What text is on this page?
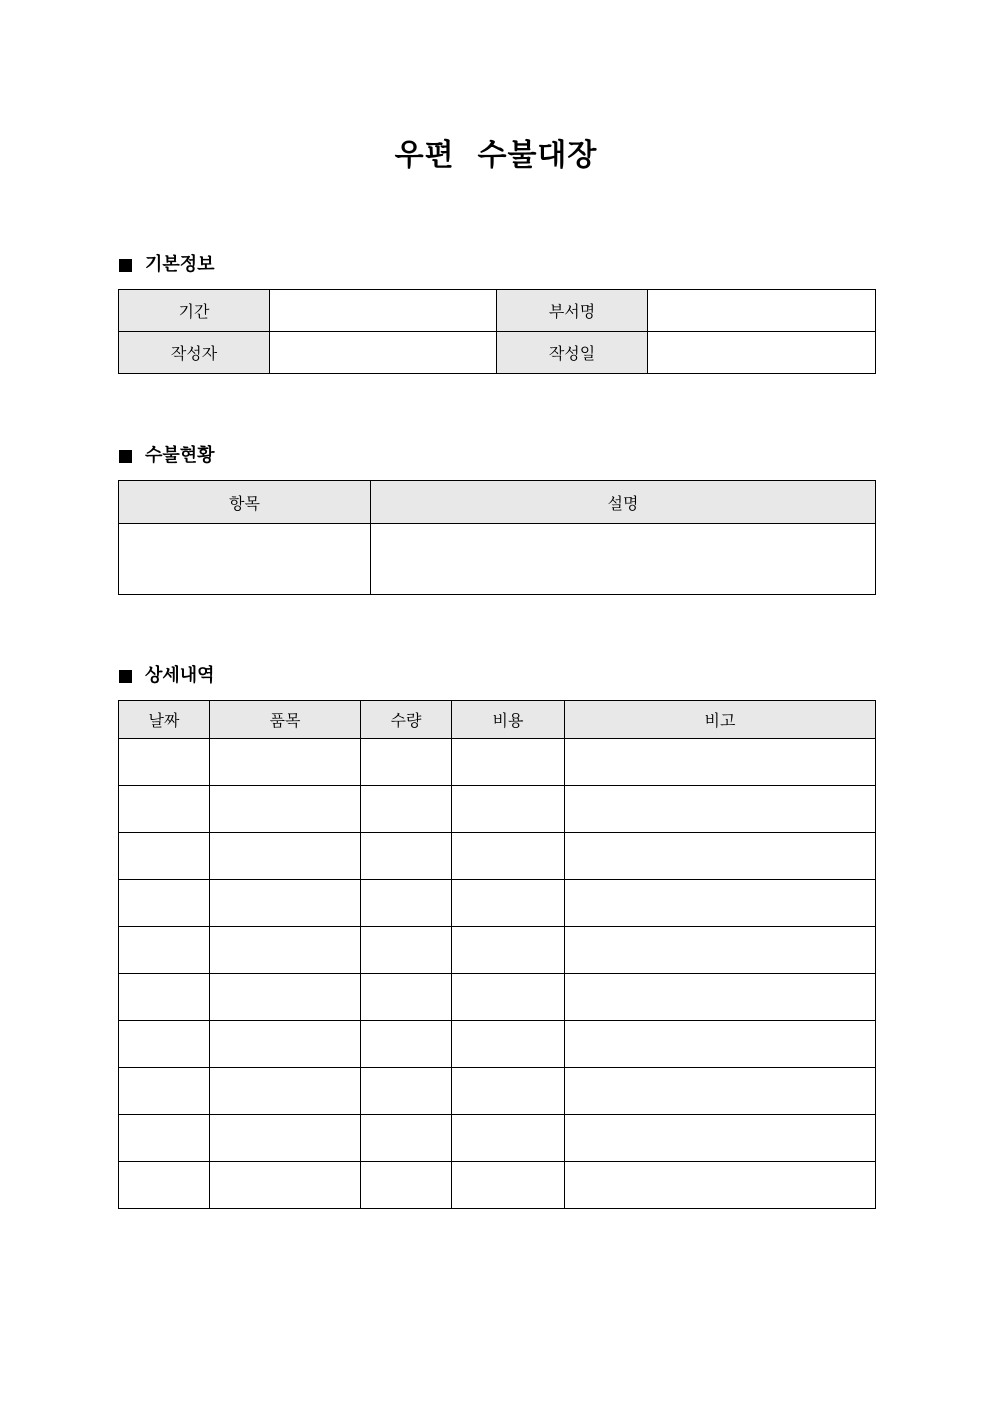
우편  수불대장
기본정보
기간		부서명	
작성자		작성일	
수불현황
항목	설명

상세내역
날짜	품목	수량	비용	비고
